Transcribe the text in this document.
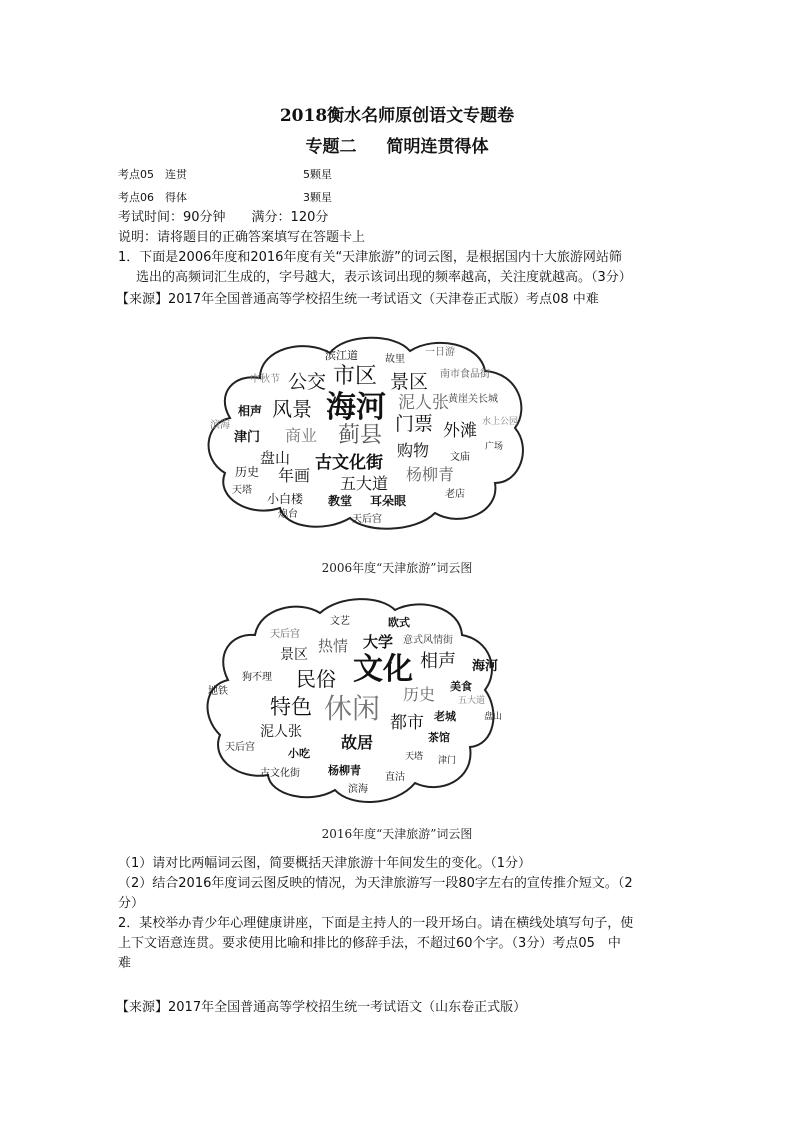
2018衡水名师原创语文专题卷
专题二 简明连贯得体
考点05　连贯	5颗星
考点06　得体	3颗星
考试时间：90分钟　　满分：120分
说明：请将题目的正确答案填写在答题卡上
1．下面是2006年度和2016年度有关“天津旅游”的词云图，是根据国内十大旅游网站筛
选出的高频词汇生成的，字号越大，表示该词出现的频率越高，关注度就越高。（3分）
【来源】2017年全国普通高等学校招生统一考试语文（天津卷正式版）考点08 中难
滨江道	故里
一日游
中秋节 公交 市区 景区 南市食品街
泥人张 黄崖关长城
相声 风景 海河
滨海	门票
津门 商业 蓟县	外滩 水上公园
盘山	购物 文庙
广场
历史 年画
古文化街
杨柳青
五大道
天塔
小白楼 教堂 耳朵眼	老店
炮台	天后宫
2006年度“天津旅游”词云图
文艺	欧式
天后宫
热情 大学 意式风情街
景区 文化 相声 海河
狗不理 民俗	美食
地铁	历史	五大道
特色 休闲	老城	盘山
泥人张	都市
茶馆
天后宫	故居
小吃	天塔 津门
杨柳青
古文化街
滨海
直沽
2016年度“天津旅游”词云图
（1）请对比两幅词云图，简要概括天津旅游十年间发生的变化。（1分）
（2）结合2016年度词云图反映的情况，为天津旅游写一段80字左右的宣传推介短文。（2
分）
2．某校举办青少年心理健康讲座，下面是主持人的一段开场白。请在横线处填写句子，使
上下文语意连贯。要求使用比喻和排比的修辞手法，不超过60个字。（3分）考点05　中
难
【来源】2017年全国普通高等学校招生统一考试语文（山东卷正式版）
